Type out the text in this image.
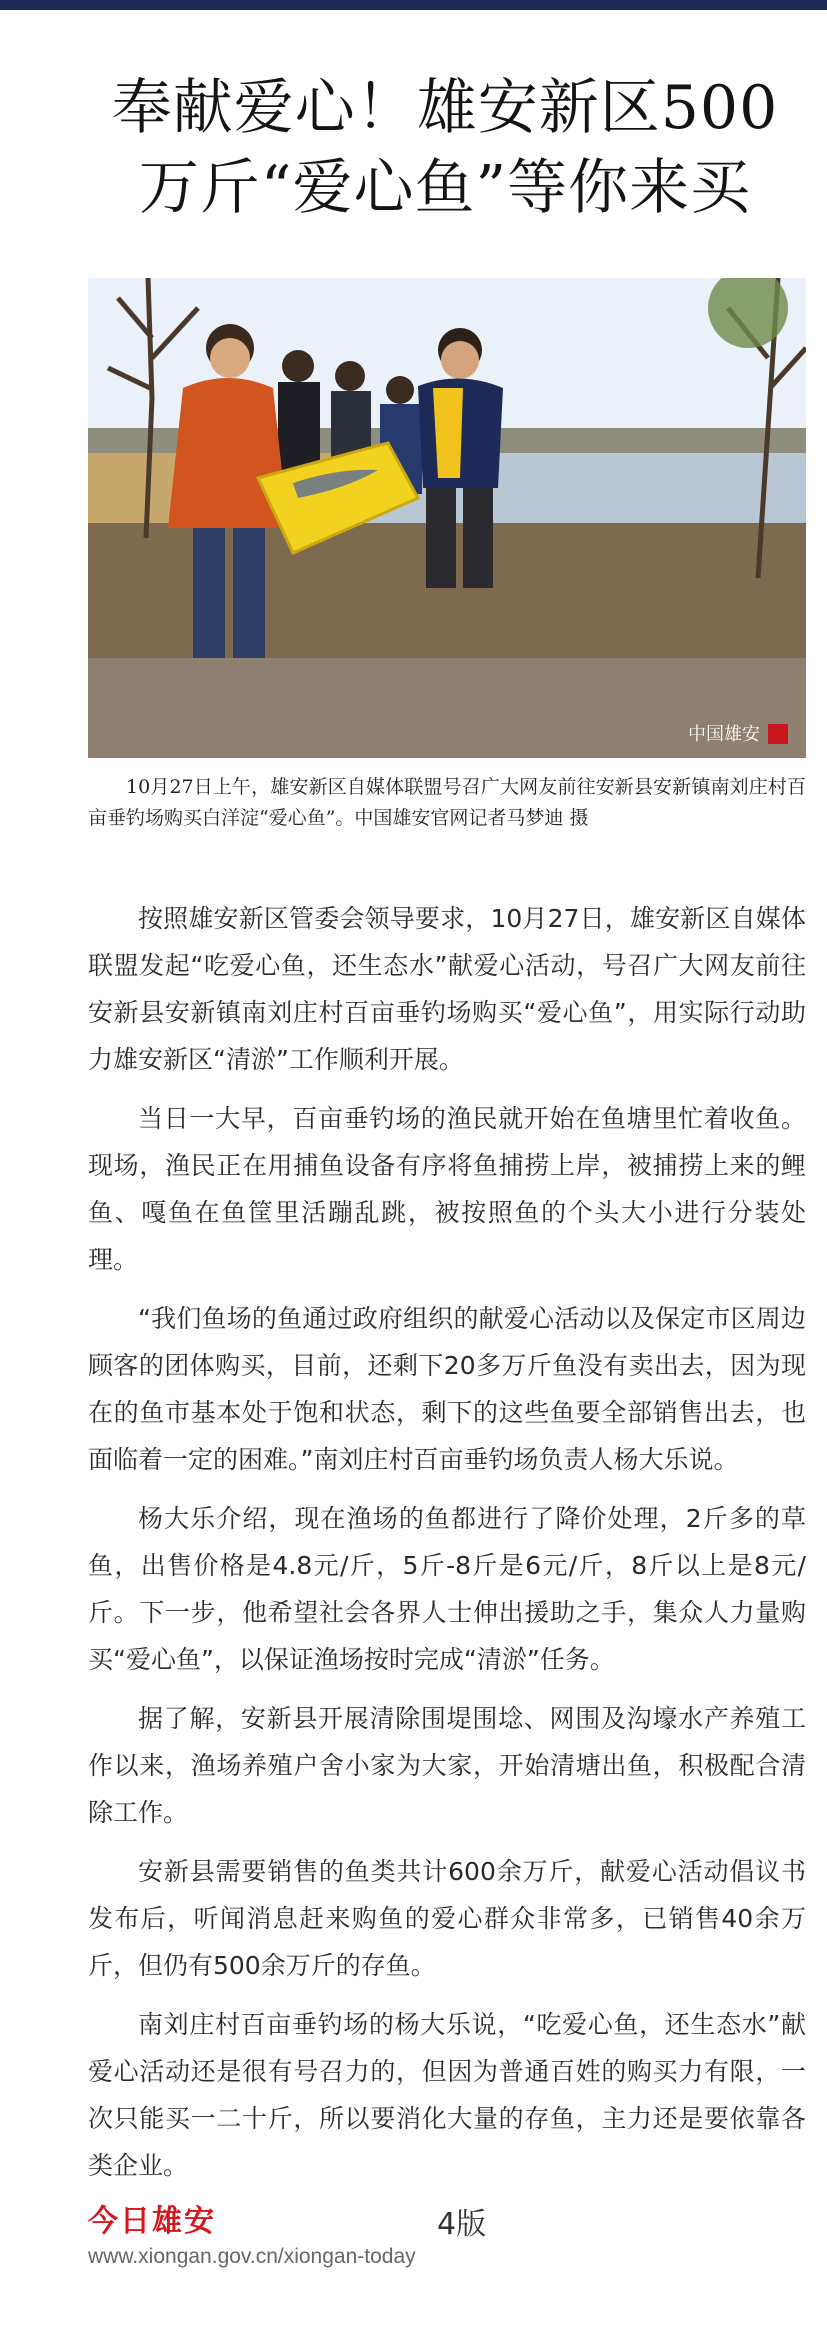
奉献爱心！雄安新区500
万斤“爱心鱼”等你来买
中国雄安

10月27日上午，雄安新区自媒体联盟号召广大网友前往安新县安新镇南刘庄村百亩垂钓场购买白洋淀“爱心鱼”。中国雄安官网记者马梦迪 摄

按照雄安新区管委会领导要求，10月27日，雄安新区自媒体联盟发起“吃爱心鱼，还生态水”献爱心活动，号召广大网友前往安新县安新镇南刘庄村百亩垂钓场购买“爱心鱼”，用实际行动助力雄安新区“清淤”工作顺利开展。

当日一大早，百亩垂钓场的渔民就开始在鱼塘里忙着收鱼。现场，渔民正在用捕鱼设备有序将鱼捕捞上岸，被捕捞上来的鲤鱼、嘎鱼在鱼筐里活蹦乱跳，被按照鱼的个头大小进行分装处理。

“我们鱼场的鱼通过政府组织的献爱心活动以及保定市区周边顾客的团体购买，目前，还剩下20多万斤鱼没有卖出去，因为现在的鱼市基本处于饱和状态，剩下的这些鱼要全部销售出去，也面临着一定的困难。”南刘庄村百亩垂钓场负责人杨大乐说。

杨大乐介绍，现在渔场的鱼都进行了降价处理，2斤多的草鱼，出售价格是4.8元/斤，5斤-8斤是6元/斤，8斤以上是8元/斤。下一步，他希望社会各界人士伸出援助之手，集众人力量购买“爱心鱼”，以保证渔场按时完成“清淤”任务。

据了解，安新县开展清除围堤围埝、网围及沟壕水产养殖工作以来，渔场养殖户舍小家为大家，开始清塘出鱼，积极配合清除工作。

安新县需要销售的鱼类共计600余万斤，献爱心活动倡议书发布后，听闻消息赶来购鱼的爱心群众非常多，已销售40余万斤，但仍有500余万斤的存鱼。

南刘庄村百亩垂钓场的杨大乐说，“吃爱心鱼，还生态水”献爱心活动还是很有号召力的，但因为普通百姓的购买力有限，一次只能买一二十斤，所以要消化大量的存鱼，主力还是要依靠各类企业。

今日雄安	4版
www.xiongan.gov.cn/xiongan-today
